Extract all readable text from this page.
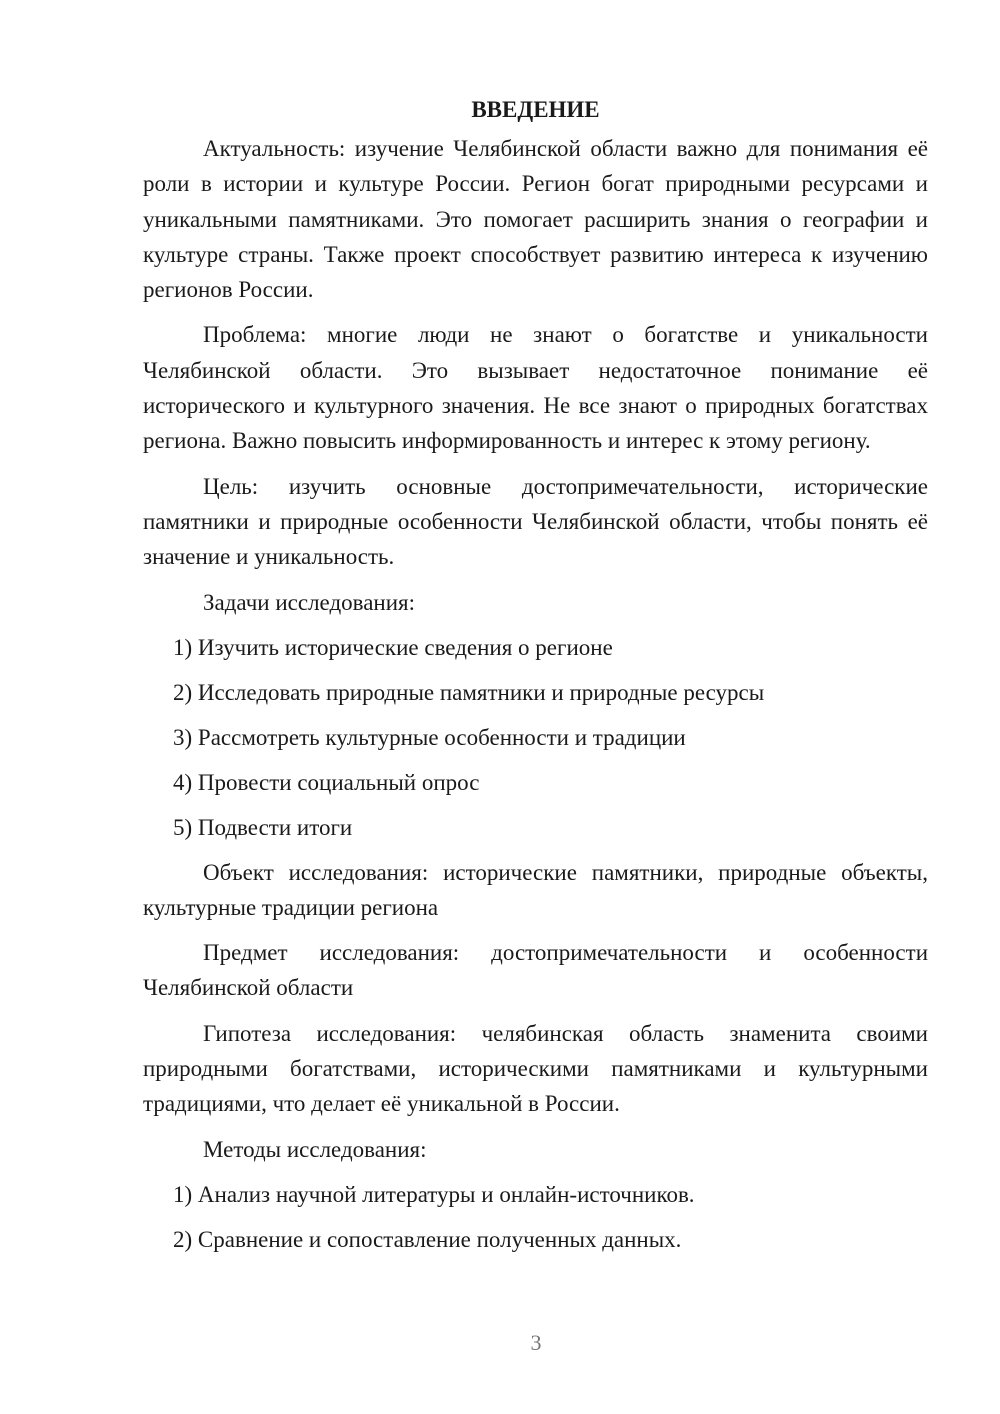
ВВЕДЕНИЕ

Актуальность: изучение Челябинской области важно для понимания её роли в истории и культуре России. Регион богат природными ресурсами и уникальными памятниками. Это помогает расширить знания о географии и культуре страны. Также проект способствует развитию интереса к изучению регионов России.

Проблема: многие люди не знают о богатстве и уникальности Челябинской области. Это вызывает недостаточное понимание её исторического и культурного значения. Не все знают о природных богатствах региона. Важно повысить информированность и интерес к этому региону.

Цель: изучить основные достопримечательности, исторические памятники и природные особенности Челябинской области, чтобы понять её значение и уникальность.

Задачи исследования:
1) Изучить исторические сведения о регионе
2) Исследовать природные памятники и природные ресурсы
3) Рассмотреть культурные особенности и традиции
4) Провести социальный опрос
5) Подвести итоги

Объект исследования: исторические памятники, природные объекты, культурные традиции региона

Предмет исследования: достопримечательности и особенности Челябинской области

Гипотеза исследования: челябинская область знаменита своими природными богатствами, историческими памятниками и культурными традициями, что делает её уникальной в России.

Методы исследования:
1) Анализ научной литературы и онлайн-источников.
2) Сравнение и сопоставление полученных данных.
3
